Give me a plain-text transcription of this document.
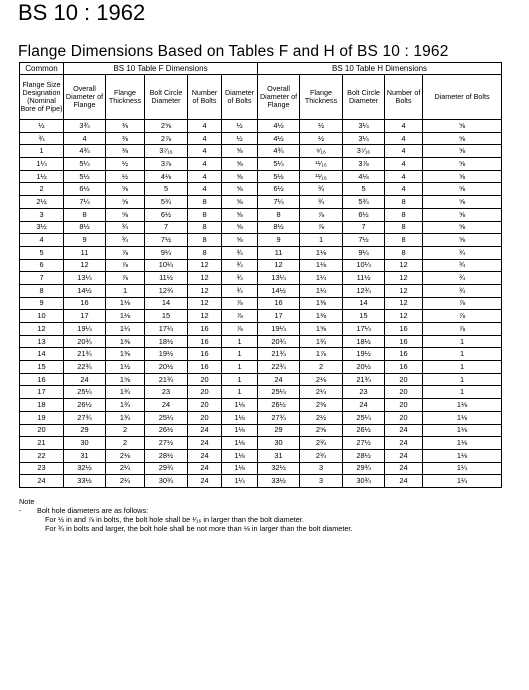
BS 10 : 1962
Flange Dimensions Based on Tables F and H of BS 10 : 1962
Common	BS 10 Table F Dimensions					BS 10 Table H Dimensions				
Flange Size Designation (Nominal Bore of Pipe)	Overall Diameter of Flange	Flange Thickness	Bolt Circle Diameter	Number of Bolts	Diameter of Bolts	Overall Diameter of Flange	Flange Thickness	Bolt Circle Diameter	Number of Bolts	Diameter of Bolts
½	3¾	⅜	2⅝	4	½	4½	½	3¼	4	⅝
¾	4	⅜	2⅞	4	½	4½	½	3¼	4	⅝
1	4¾	⅜	3⁷⁄₁₆	4	⅝	4¾	⁹⁄₁₆	3⁷⁄₁₆	4	⅝
1¼	5¼	½	3⅞	4	⅝	5¼	¹¹⁄₁₆	3⅞	4	⅝
1½	5½	½	4⅛	4	⅝	5½	¹¹⁄₁₆	4⅛	4	⅝
2	6½	⅝	5	4	⅝	6½	¾	5	4	⅝
2½	7¼	⅝	5¾	8	⅝	7¼	¾	5¾	8	⅝
3	8	⅝	6½	8	⅝	8	⅞	6½	8	⅝
3½	8½	¾	7	8	⅝	8½	⅞	7	8	⅝
4	9	¾	7½	8	⅝	9	1	7½	8	⅝
5	11	⅞	9¼	8	¾	11	1⅛	9¼	8	¾
6	12	⅞	10¼	12	¾	12	1⅛	10¼	12	¾
7	13¼	⅞	11½	12	¾	13¼	1¼	11½	12	¾
8	14½	1	12¾	12	¾	14½	1¼	12¾	12	¾
9	16	1⅛	14	12	⅞	16	1⅜	14	12	⅞
10	17	1⅛	15	12	⅞	17	1⅜	15	12	⅞
12	19¼	1¼	17¼	16	⅞	19¼	1⅝	17¼	16	⅞
13	20¾	1⅜	18½	16	1	20¾	1¾	18½	16	1
14	21¾	1⅜	19½	16	1	21¾	1⅞	19½	16	1
15	22¾	1½	20½	16	1	22¾	2	20½	16	1
16	24	1⅝	21¾	20	1	24	2⅛	21¾	20	1
17	25¼	1¾	23	20	1	25¼	2¼	23	20	1
18	26½	1¾	24	20	1⅛	26½	2⅜	24	20	1⅛
19	27¾	1¾	25¼	20	1⅛	27¾	2½	25¼	20	1⅛
20	29	2	26½	24	1⅛	29	2⅝	26½	24	1⅛
21	30	2	27½	24	1⅛	30	2¾	27½	24	1⅛
22	31	2⅛	28½	24	1⅛	31	2¾	28½	24	1⅛
23	32½	2¼	29¾	24	1⅛	32½	3	29¾	24	1¼
24	33½	2¼	30¾	24	1¼	33½	3	30¾	24	1¼
Note
- Bolt hole diameters are as follows:
For ½ in and ⅞ in bolts, the bolt hole shall be ¹⁄₁₆ in larger than the bolt diameter.
For ¾ in bolts and larger, the bolt hole shall be not more than ⅛ in larger than the bolt diameter.
